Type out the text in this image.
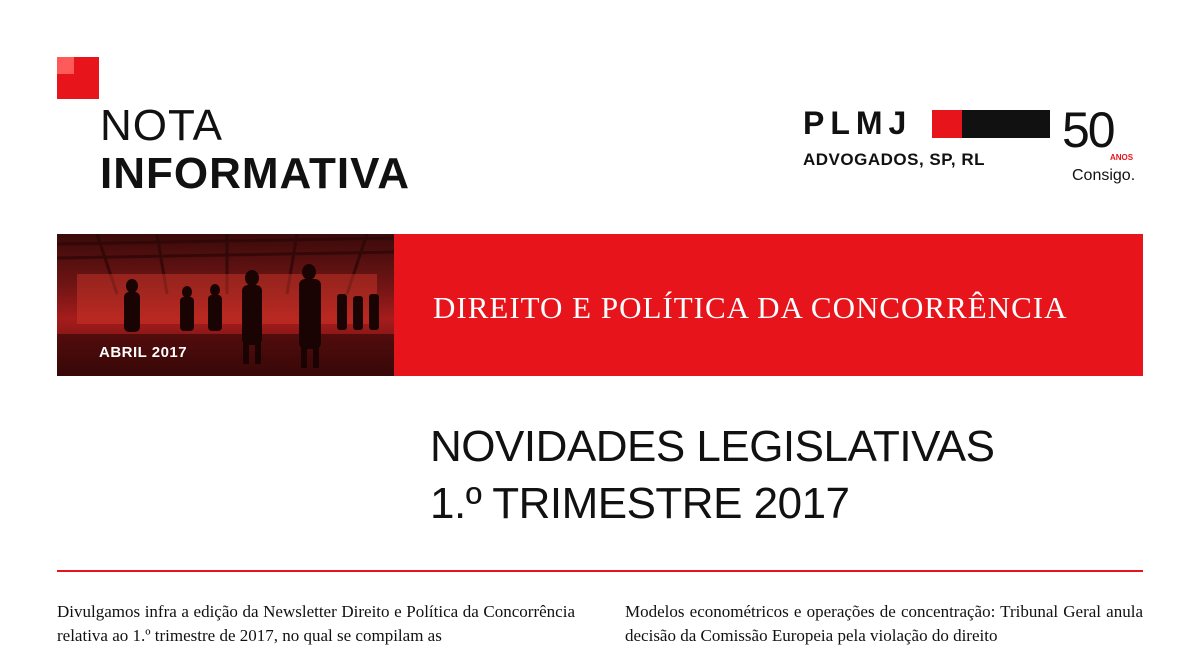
NOTA
INFORMATIVA
PLMJ
ADVOGADOS, SP, RL
50
ANOS
Consigo.
ABRIL 2017
DIREITO E POLÍTICA DA CONCORRÊNCIA
NOVIDADES LEGISLATIVAS
1.º TRIMESTRE 2017
Divulgamos infra a edição da Newsletter Direito e Política da Concorrência relativa ao 1.º trimestre de 2017, no qual se compilam as
Modelos econométricos e operações de concentração: Tribunal Geral anula decisão da Comissão Europeia pela violação do direito
